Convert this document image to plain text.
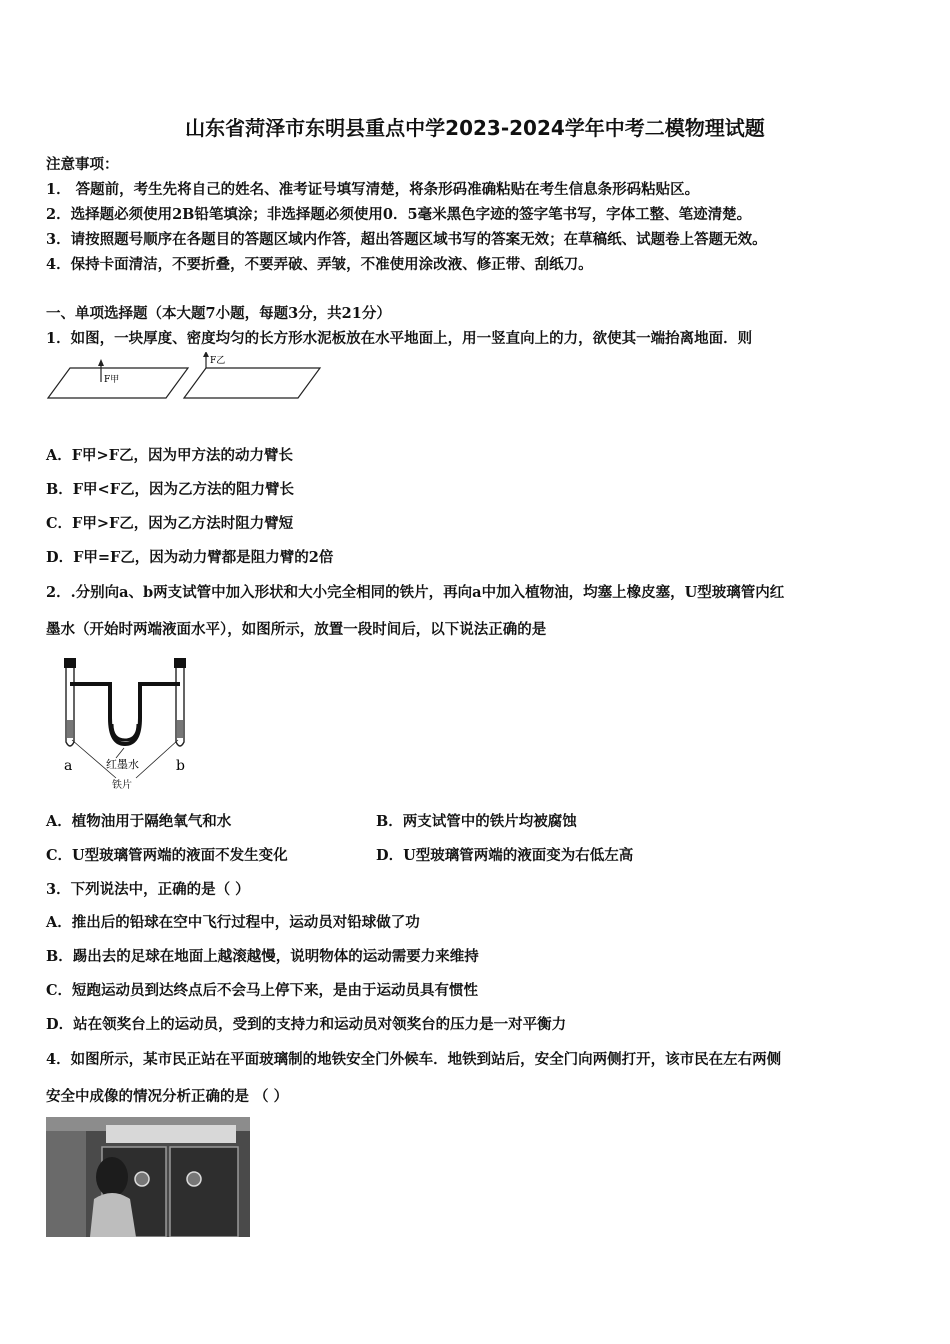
山东省菏泽市东明县重点中学2023-2024学年中考二模物理试题
注意事项：
1． 答题前，考生先将自己的姓名、准考证号填写清楚，将条形码准确粘贴在考生信息条形码粘贴区。
2．选择题必须使用2B铅笔填涂；非选择题必须使用0．5毫米黑色字迹的签字笔书写，字体工整、笔迹清楚。
3．请按照题号顺序在各题目的答题区域内作答，超出答题区域书写的答案无效；在草稿纸、试题卷上答题无效。
4．保持卡面清洁，不要折叠，不要弄破、弄皱，不准使用涂改液、修正带、刮纸刀。
一、单项选择题（本大题7小题，每题3分，共21分）
1．如图，一块厚度、密度均匀的长方形水泥板放在水平地面上，用一竖直向上的力，欲使其一端抬离地面．则
F甲
F乙
A．F甲>F乙，因为甲方法的动力臂长
B．F甲<F乙，因为乙方法的阻力臂长
C．F甲>F乙，因为乙方法时阻力臂短
D．F甲=F乙，因为动力臂都是阻力臂的2倍
2．.分别向a、b两支试管中加入形状和大小完全相同的铁片，再向a中加入植物油，均塞上橡皮塞，U型玻璃管内红
墨水（开始时两端液面水平），如图所示，放置一段时间后，以下说法正确的是
红墨水
a	b
铁片
A．植物油用于隔绝氧气和水	B．两支试管中的铁片均被腐蚀
C．U型玻璃管两端的液面不发生变化	D．U型玻璃管两端的液面变为右低左高
3．下列说法中，正确的是（ ）
A．推出后的铅球在空中飞行过程中，运动员对铅球做了功
B．踢出去的足球在地面上越滚越慢，说明物体的运动需要力来维持
C．短跑运动员到达终点后不会马上停下来，是由于运动员具有惯性
D．站在领奖台上的运动员，受到的支持力和运动员对领奖台的压力是一对平衡力
4．如图所示，某市民正站在平面玻璃制的地铁安全门外候车．地铁到站后，安全门向两侧打开，该市民在左右两侧
安全中成像的情况分析正确的是 （ ）
